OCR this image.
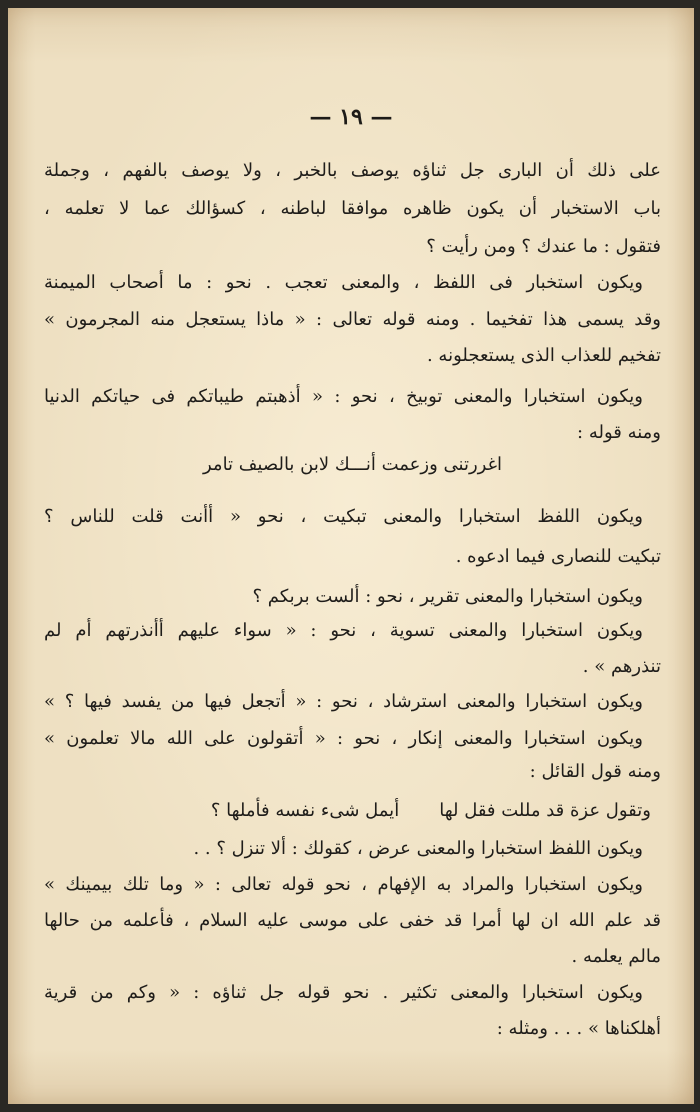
— ١٩ —
على ذلك أن البارى جل ثناؤه يوصف بالخبر ، ولا يوصف بالفهم ، وجملة
باب الاستخبار أن يكون ظاهره موافقا لباطنه ، كسؤالك عما لا تعلمه ،
فتقول : ما عندك ؟ ومن رأيت ؟
ويكون استخبار فى اللفظ ، والمعنى تعجب . نحو : ما أصحاب الميمنة
وقد يسمى هذا تفخيما . ومنه قوله تعالى : « ماذا يستعجل منه المجرمون »
تفخيم للعذاب الذى يستعجلونه .
ويكون استخبارا والمعنى توبيخ ، نحو : « أذهبتم طيباتكم فى حياتكم الدنيا
ومنه قوله :
اغررتنى وزعمت أنـــك لابن بالصيف تامر
ويكون اللفظ استخبارا والمعنى تبكيت ، نحو « أأنت قلت للناس ؟
تبكيت للنصارى فيما ادعوه .
ويكون استخبارا والمعنى تقرير ، نحو : ألست بربكم ؟
ويكون استخبارا والمعنى تسوية ، نحو : « سواء عليهم أأنذرتهم أم لم
تنذرهم » .
ويكون استخبارا والمعنى استرشاد ، نحو : « أتجعل فيها من يفسد فيها ؟ »
ويكون استخبارا والمعنى إنكار ، نحو : « أتقولون على الله مالا تعلمون »
ومنه قول القائل :
وتقول عزة قد مللت فقل لهاأيمل شىء نفسه فأملها ؟
ويكون اللفظ استخبارا والمعنى عرض ، كقولك : ألا تنزل ؟ . .
ويكون استخبارا والمراد به الإفهام ، نحو قوله تعالى : « وما تلك بيمينك »
قد علم الله ان لها أمرا قد خفى على موسى عليه السلام ، فأعلمه من حالها
مالم يعلمه .
ويكون استخبارا والمعنى تكثير . نحو قوله جل ثناؤه : « وكم من قرية
أهلكناها » . . . ومثله :
